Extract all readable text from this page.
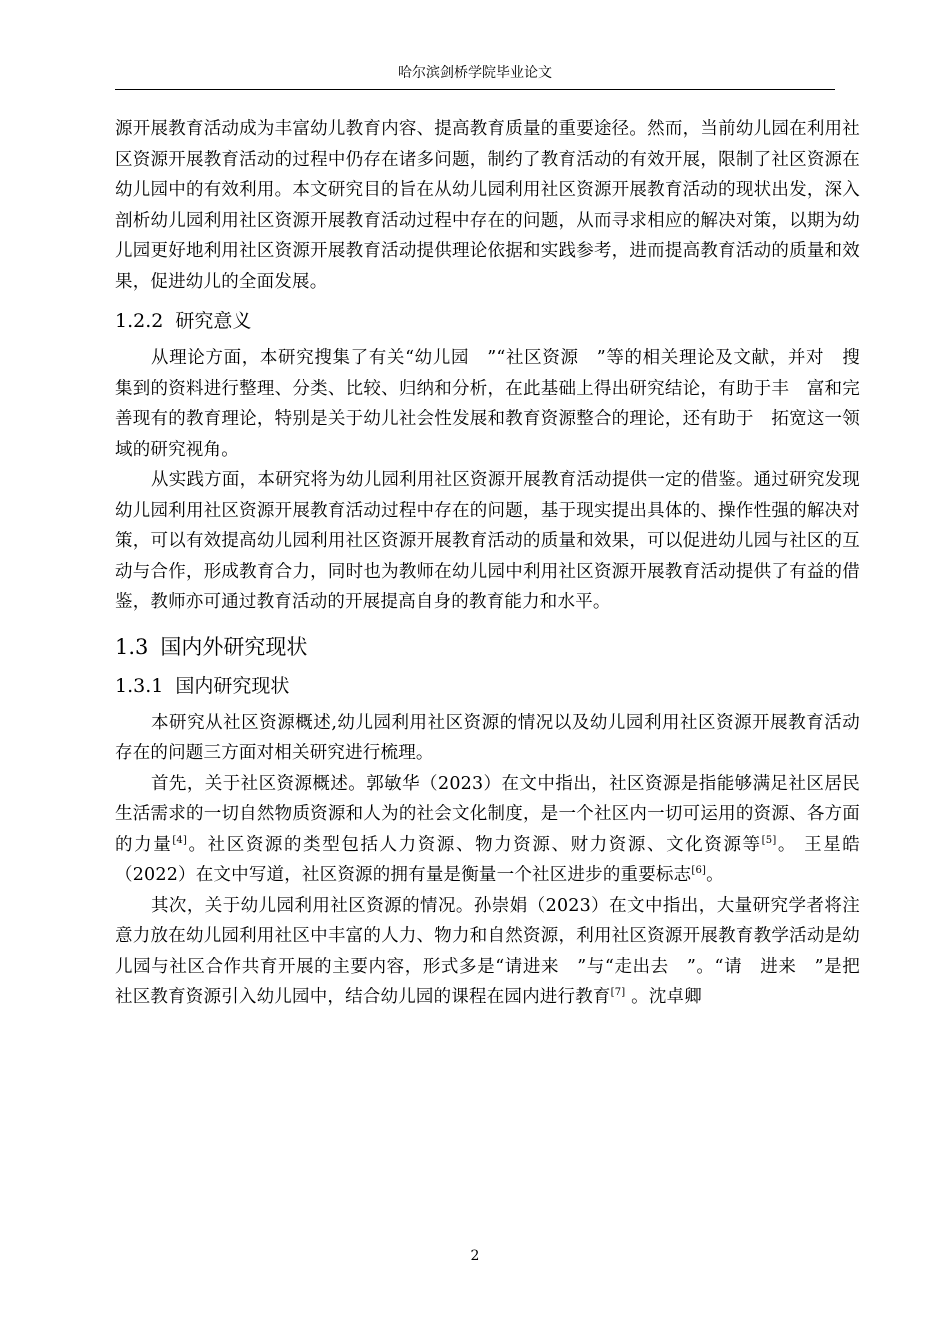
哈尔滨剑桥学院毕业论文

源开展教育活动成为丰富幼儿教育内容、提高教育质量的重要途径。然而，当前幼儿园在利用社区资源开展教育活动的过程中仍存在诸多问题，制约了教育活动的有效开展，限制了社区资源在幼儿园中的有效利用。本文研究目的旨在从幼儿园利用社区资源开展教育活动的现状出发，深入剖析幼儿园利用社区资源开展教育活动过程中存在的问题，从而寻求相应的解决对策，以期为幼儿园更好地利用社区资源开展教育活动提供理论依据和实践参考，进而提高教育活动的质量和效果，促进幼儿的全面发展。

1.2.2 研究意义

从理论方面，本研究搜集了有关“幼儿园　”“社区资源　”等的相关理论及文献，并对　搜集到的资料进行整理、分类、比较、归纳和分析，在此基础上得出研究结论，有助于丰　富和完善现有的教育理论，特别是关于幼儿社会性发展和教育资源整合的理论，还有助于　拓宽这一领域的研究视角。

从实践方面，本研究将为幼儿园利用社区资源开展教育活动提供一定的借鉴。通过研究发现幼儿园利用社区资源开展教育活动过程中存在的问题，基于现实提出具体的、操作性强的解决对策，可以有效提高幼儿园利用社区资源开展教育活动的质量和效果，可以促进幼儿园与社区的互动与合作，形成教育合力，同时也为教师在幼儿园中利用社区资源开展教育活动提供了有益的借鉴，教师亦可通过教育活动的开展提高自身的教育能力和水平。

1.3 国内外研究现状
1.3.1 国内研究现状

本研究从社区资源概述,幼儿园利用社区资源的情况以及幼儿园利用社区资源开展教育活动存在的问题三方面对相关研究进行梳理。

首先，关于社区资源概述。郭敏华（2023）在文中指出，社区资源是指能够满足社区居民生活需求的一切自然物质资源和人为的社会文化制度，是一个社区内一切可运用的资源、各方面的力量[4]。社区资源的类型包括人力资源、物力资源、财力资源、文化资源等[5]。 王星皓（2022）在文中写道，社区资源的拥有量是衡量一个社区进步的重要标志[6]。

其次，关于幼儿园利用社区资源的情况。孙崇娟（2023）在文中指出，大量研究学者将注意力放在幼儿园利用社区中丰富的人力、物力和自然资源，利用社区资源开展教育教学活动是幼儿园与社区合作共育开展的主要内容，形式多是“请进来　”与“走出去　”。“请　进来　”是把社区教育资源引入幼儿园中，结合幼儿园的课程在园内进行教育[7] 。沈卓卿

2
